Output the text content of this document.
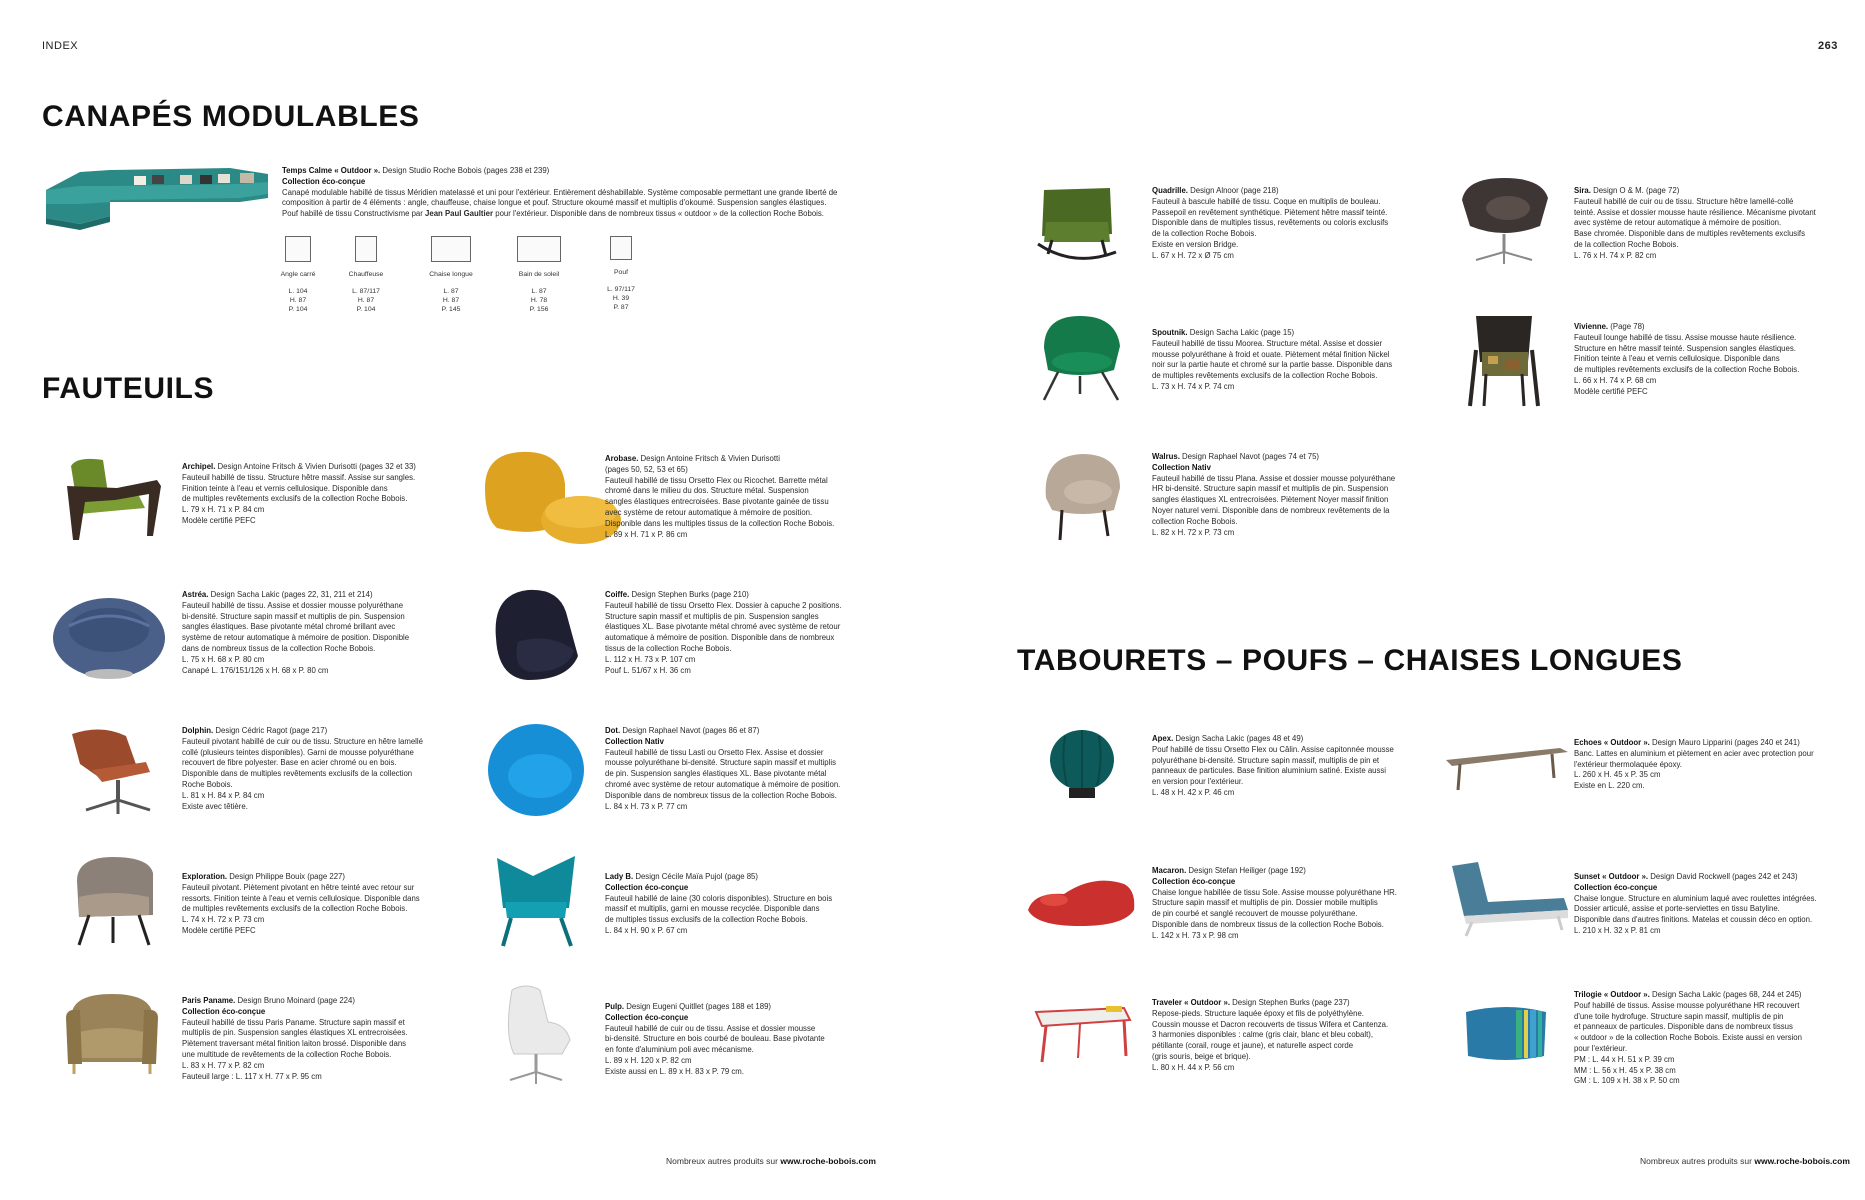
INDEX	263
CANAPÉS MODULABLES
FAUTEUILS
TABOURETS – POUFS – CHAISES LONGUES

Temps Calme « Outdoor ». Design Studio Roche Bobois (pages 238 et 239)

Collection éco-conçue

Canapé modulable habillé de tissus Méridien matelassé et uni pour l'extérieur. Entièrement déshabillable. Système composable permettant une grande liberté de composition à partir de 4 éléments : angle, chauffeuse, chaise longue et pouf. Structure okoumé massif et multiplis d'okoumé. Suspension sangles élastiques. Pouf habillé de tissu Constructivisme par Jean Paul Gaultier pour l'extérieur. Disponible dans de nombreux tissus « outdoor » de la collection Roche Bobois.

Angle carré
L. 104
H. 87
P. 104
Chauffeuse
L. 87/117
H. 87
P. 104
Chaise longue
L. 87
H. 87
P. 145
Bain de soleil
L. 87
H. 78
P. 156
Pouf
L. 97/117
H. 39
P. 87

Archipel. Design Antoine Fritsch & Vivien Durisotti (pages 32 et 33)

Fauteuil habillé de tissu. Structure hêtre massif. Assise sur sangles.

Finition teinte à l'eau et vernis cellulosique. Disponible dans

de multiples revêtements exclusifs de la collection Roche Bobois.

L. 79 x H. 71 x P. 84 cm

Modèle certifié PEFC

Astréa. Design Sacha Lakic (pages 22, 31, 211 et 214)

Fauteuil habillé de tissu. Assise et dossier mousse polyuréthane

bi-densité. Structure sapin massif et multiplis de pin. Suspension

sangles élastiques. Base pivotante métal chromé brillant avec

système de retour automatique à mémoire de position. Disponible

dans de nombreux tissus de la collection Roche Bobois.

L. 75 x H. 68 x P. 80 cm

Canapé L. 176/151/126 x H. 68 x P. 80 cm

Dolphin. Design Cédric Ragot (page 217)

Fauteuil pivotant habillé de cuir ou de tissu. Structure en hêtre lamellé

collé (plusieurs teintes disponibles). Garni de mousse polyuréthane

recouvert de fibre polyester. Base en acier chromé ou en bois.

Disponible dans de multiples revêtements exclusifs de la collection

Roche Bobois.

L. 81 x H. 84 x P. 84 cm

Existe avec têtière.

Exploration. Design Philippe Bouix (page 227)

Fauteuil pivotant. Piètement pivotant en hêtre teinté avec retour sur

ressorts. Finition teinte à l'eau et vernis cellulosique. Disponible dans

de multiples revêtements exclusifs de la collection Roche Bobois.

L. 74 x H. 72 x P. 73 cm

Modèle certifié PEFC

Paris Paname. Design Bruno Moinard (page 224)

Collection éco-conçue

Fauteuil habillé de tissu Paris Paname. Structure sapin massif et

multiplis de pin. Suspension sangles élastiques XL entrecroisées.

Piètement traversant métal finition laiton brossé. Disponible dans

une multitude de revêtements de la collection Roche Bobois.

L. 83 x H. 77 x P. 82 cm

Fauteuil large : L. 117 x H. 77 x P. 95 cm

Arobase. Design Antoine Fritsch & Vivien Durisotti

(pages 50, 52, 53 et 65)

Fauteuil habillé de tissu Orsetto Flex ou Ricochet. Barrette métal

chromé dans le milieu du dos. Structure métal. Suspension

sangles élastiques entrecroisées. Base pivotante gainée de tissu

avec système de retour automatique à mémoire de position.

Disponible dans les multiples tissus de la collection Roche Bobois.

L. 89 x H. 71 x P. 86 cm

Coiffe. Design Stephen Burks (page 210)

Fauteuil habillé de tissu Orsetto Flex. Dossier à capuche 2 positions.

Structure sapin massif et multiplis de pin. Suspension sangles

élastiques XL. Base pivotante métal chromé avec système de retour

automatique à mémoire de position. Disponible dans de nombreux

tissus de la collection Roche Bobois.

L. 112 x H. 73 x P. 107 cm

Pouf L. 51/67 x H. 36 cm

Dot. Design Raphael Navot (pages 86 et 87)

Collection Nativ

Fauteuil habillé de tissu Lasti ou Orsetto Flex. Assise et dossier

mousse polyuréthane bi-densité. Structure sapin massif et multiplis

de pin. Suspension sangles élastiques XL. Base pivotante métal

chromé avec système de retour automatique à mémoire de position.

Disponible dans de nombreux tissus de la collection Roche Bobois.

L. 84 x H. 73 x P. 77 cm

Lady B. Design Cécile Maïa Pujol (page 85)

Collection éco-conçue

Fauteuil habillé de laine (30 coloris disponibles). Structure en bois

massif et multiplis, garni en mousse recyclée. Disponible dans

de multiples tissus exclusifs de la collection Roche Bobois.

L. 84 x H. 90 x P. 67 cm

Pulp. Design Eugeni Quitllet (pages 188 et 189)

Collection éco-conçue

Fauteuil habillé de cuir ou de tissu. Assise et dossier mousse

bi-densité. Structure en bois courbé de bouleau. Base pivotante

en fonte d'aluminium poli avec mécanisme.

L. 89 x H. 120 x P. 82 cm

Existe aussi en L. 89 x H. 83 x P. 79 cm.

Nombreux autres produits sur www.roche-bobois.com

Quadrille. Design Alnoor (page 218)

Fauteuil à bascule habillé de tissu. Coque en multiplis de bouleau.

Passepoil en revêtement synthétique. Piètement hêtre massif teinté.

Disponible dans de multiples tissus, revêtements ou coloris exclusifs

de la collection Roche Bobois.

Existe en version Bridge.

L. 67 x H. 72 x Ø 75 cm

Sira. Design O & M. (page 72)

Fauteuil habillé de cuir ou de tissu. Structure hêtre lamellé-collé

teinté. Assise et dossier mousse haute résilience. Mécanisme pivotant

avec système de retour automatique à mémoire de position.

Base chromée. Disponible dans de multiples revêtements exclusifs

de la collection Roche Bobois.

L. 76 x H. 74 x P. 82 cm

Spoutnik. Design Sacha Lakic (page 15)

Fauteuil habillé de tissu Moorea. Structure métal. Assise et dossier

mousse polyuréthane à froid et ouate. Piètement métal finition Nickel

noir sur la partie haute et chromé sur la partie basse. Disponible dans

de multiples revêtements exclusifs de la collection Roche Bobois.

L. 73 x H. 74 x P. 74 cm

Vivienne. (Page 78)

Fauteuil lounge habillé de tissu. Assise mousse haute résilience.

Structure en hêtre massif teinté. Suspension sangles élastiques.

Finition teinte à l'eau et vernis cellulosique. Disponible dans

de multiples revêtements exclusifs de la collection Roche Bobois.

L. 66 x H. 74 x P. 68 cm

Modèle certifié PEFC

Walrus. Design Raphael Navot (pages 74 et 75)

Collection Nativ

Fauteuil habillé de tissu Plana. Assise et dossier mousse polyuréthane

HR bi-densité. Structure sapin massif et multiplis de pin. Suspension

sangles élastiques XL entrecroisées. Piètement Noyer massif finition

Noyer naturel verni. Disponible dans de nombreux revêtements de la

collection Roche Bobois.

L. 82 x H. 72 x P. 73 cm

Apex. Design Sacha Lakic (pages 48 et 49)

Pouf habillé de tissu Orsetto Flex ou Câlin. Assise capitonnée mousse

polyuréthane bi-densité. Structure sapin massif, multiplis de pin et

panneaux de particules. Base finition aluminium satiné. Existe aussi

en version pour l'extérieur.

L. 48 x H. 42 x P. 46 cm

Echoes « Outdoor ». Design Mauro Lipparini (pages 240 et 241)

Banc. Lattes en aluminium et piètement en acier avec protection pour

l'extérieur thermolaquée époxy.

L. 260 x H. 45 x P. 35 cm

Existe en L. 220 cm.

Macaron. Design Stefan Heiliger (page 192)

Collection éco-conçue

Chaise longue habillée de tissu Sole. Assise mousse polyuréthane HR.

Structure sapin massif et multiplis de pin. Dossier mobile multiplis

de pin courbé et sanglé recouvert de mousse polyuréthane.

Disponible dans de nombreux tissus de la collection Roche Bobois.

L. 142 x H. 73 x P. 98 cm

Sunset « Outdoor ». Design David Rockwell (pages 242 et 243)

Collection éco-conçue

Chaise longue. Structure en aluminium laqué avec roulettes intégrées.

Dossier articulé, assise et porte-serviettes en tissu Batyline.

Disponible dans d'autres finitions. Matelas et coussin déco en option.

L. 210 x H. 32 x P. 81 cm

Traveler « Outdoor ». Design Stephen Burks (page 237)

Repose-pieds. Structure laquée époxy et fils de polyéthylène.

Coussin mousse et Dacron recouverts de tissus Wifera et Cantenza.

3 harmonies disponibles : calme (gris clair, blanc et bleu cobalt),

pétillante (corail, rouge et jaune), et naturelle aspect corde

(gris souris, beige et brique).

L. 80 x H. 44 x P. 56 cm

Trilogie « Outdoor ». Design Sacha Lakic (pages 68, 244 et 245)

Pouf habillé de tissus. Assise mousse polyuréthane HR recouvert

d'une toile hydrofuge. Structure sapin massif, multiplis de pin

et panneaux de particules. Disponible dans de nombreux tissus

« outdoor » de la collection Roche Bobois. Existe aussi en version

pour l'extérieur.

PM : L. 44 x H. 51 x P. 39 cm

MM : L. 56 x H. 45 x P. 38 cm

GM : L. 109 x H. 38 x P. 50 cm

Nombreux autres produits sur www.roche-bobois.com
